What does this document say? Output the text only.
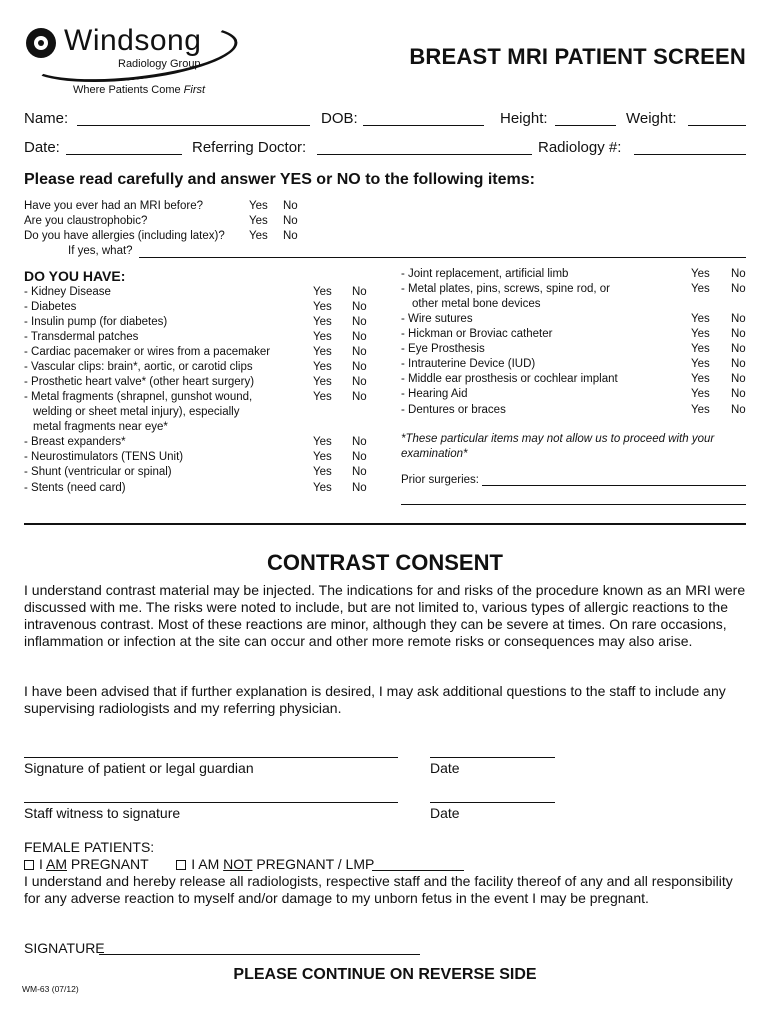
Windsong
Radiology Group
Where Patients Come First
BREAST MRI PATIENT SCREEN
Name:	DOB:	Height:	Weight:
Date:	Referring Doctor:	Radiology #:
Please read carefully and answer YES or NO to the following items:
Have you ever had an MRI before?	Yes No
Are you claustrophobic?	Yes No
Do you have allergies (including latex)? Yes No
If yes, what?
DO YOU HAVE:
- Kidney Disease	Yes No
- Diabetes	Yes No
- Insulin pump (for diabetes)	Yes No
- Transdermal patches	Yes No
- Cardiac pacemaker or wires from a pacemaker	Yes No
- Vascular clips: brain*, aortic, or carotid clips	Yes No
- Prosthetic heart valve* (other heart surgery)	Yes No
- Metal fragments (shrapnel, gunshot wound,	Yes No
welding or sheet metal injury), especially
metal fragments near eye*
- Breast expanders*	Yes No
- Neurostimulators (TENS Unit)	Yes No
- Shunt (ventricular or spinal)	Yes No
- Stents (need card)	Yes No
- Joint replacement, artificial limb	Yes No
- Metal plates, pins, screws, spine rod, or	Yes No
other metal bone devices
- Wire sutures	Yes No
- Hickman or Broviac catheter	Yes No
- Eye Prosthesis	Yes No
- Intrauterine Device (IUD)	Yes No
- Middle ear prosthesis or cochlear implant	Yes No
- Hearing Aid	Yes No
- Dentures or braces	Yes No
*These particular items may not allow us to proceed with your
examination*
Prior surgeries:
CONTRAST CONSENT
I understand contrast material may be injected. The indications for and risks of the procedure known as an MRI were discussed with me. The risks were noted to include, but are not limited to, various types of allergic reactions to the intravenous contrast. Most of these reactions are minor, although they can be severe at times. On rare occasions, inflammation or infection at the site can occur and other more remote risks or consequences may also arise.
I have been advised that if further explanation is desired, I may ask additional questions to the staff to include any supervising radiologists and my referring physician.
Signature of patient or legal guardian	Date
Staff witness to signature	Date
FEMALE PATIENTS:
I AM PREGNANT	I AM NOT PREGNANT / LMP
I understand and hereby release all radiologists, respective staff and the facility thereof of any and all responsibility for any adverse reaction to myself and/or damage to my unborn fetus in the event I may be pregnant.
SIGNATURE
PLEASE CONTINUE ON REVERSE SIDE
WM-63 (07/12)
